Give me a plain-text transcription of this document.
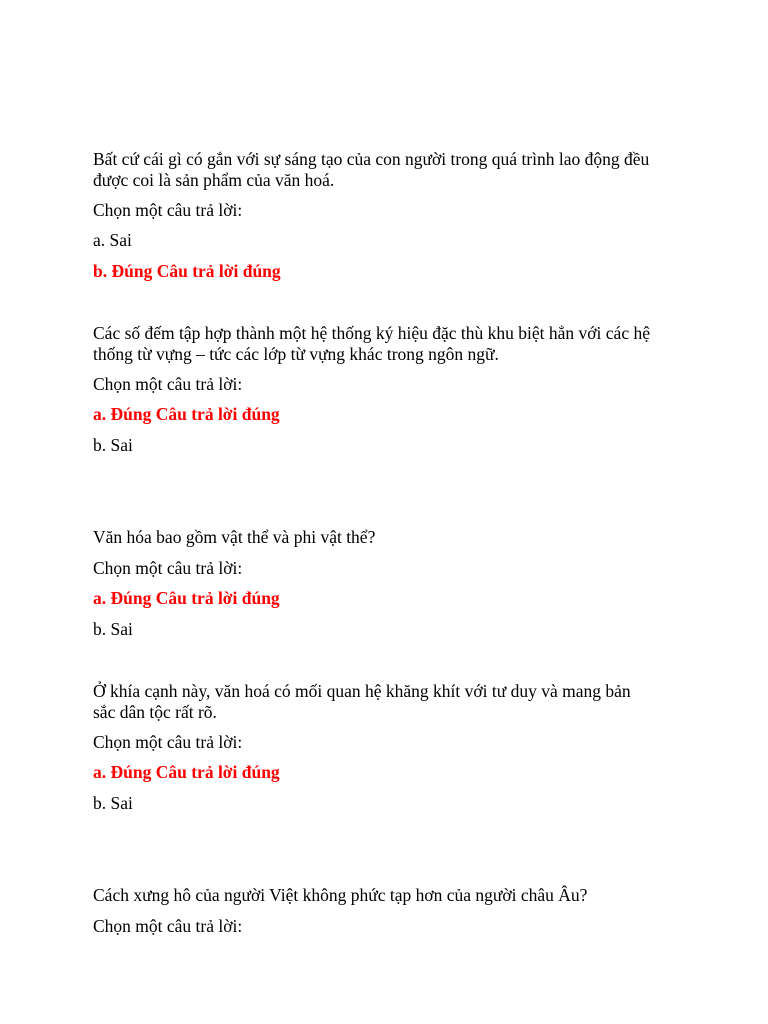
Bất cứ cái gì có gắn với sự sáng tạo của con người trong quá trình lao động đều
được coi là sản phẩm của văn hoá.
Chọn một câu trả lời:
a. Sai
b. Đúng Câu trả lời đúng
Các số đếm tập hợp thành một hệ thống ký hiệu đặc thù khu biệt hẳn với các hệ
thống từ vựng – tức các lớp từ vựng khác trong ngôn ngữ.
Chọn một câu trả lời:
a. Đúng Câu trả lời đúng
b. Sai
Văn hóa bao gồm vật thể và phi vật thể?
Chọn một câu trả lời:
a. Đúng Câu trả lời đúng
b. Sai
Ở khía cạnh này, văn hoá có mối quan hệ khăng khít với tư duy và mang bản
sắc dân tộc rất rõ.
Chọn một câu trả lời:
a. Đúng Câu trả lời đúng
b. Sai
Cách xưng hô của người Việt không phức tạp hơn của người châu Âu?
Chọn một câu trả lời:
